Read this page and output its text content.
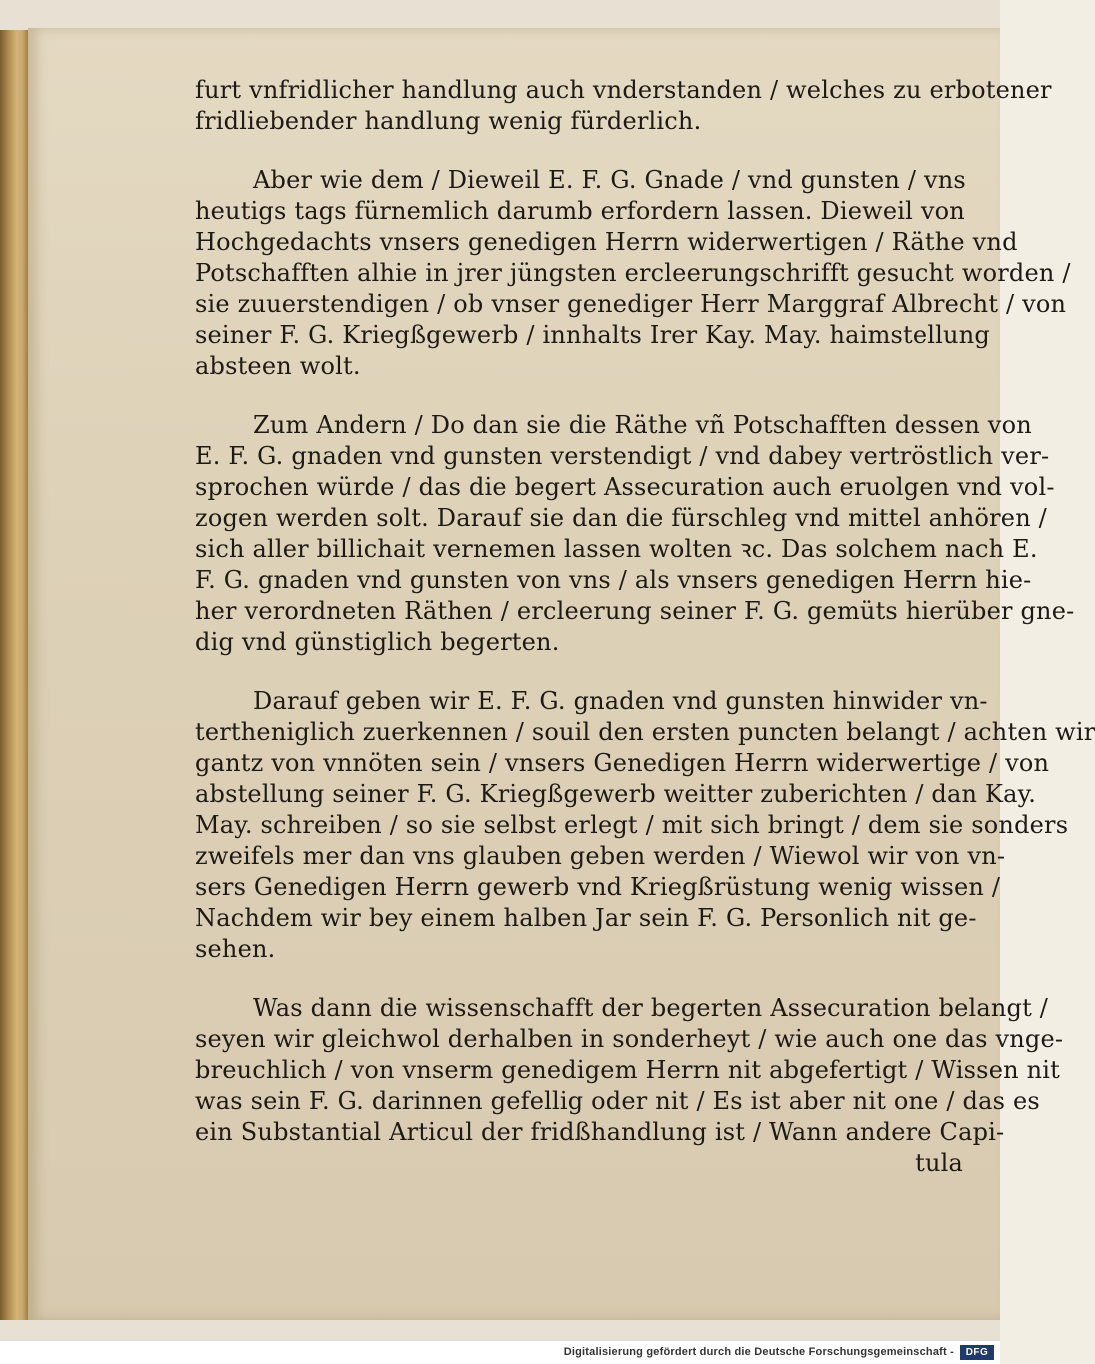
furt vnfridlicher handlung auch vnderstanden / welches zu erbotener
fridliebender handlung wenig fürderlich.
Aber wie dem / Dieweil E. F. G. Gnade / vnd gunsten / vns
heutigs tags fürnemlich darumb erfordern lassen. Dieweil von
Hochgedachts vnsers genedigen Herrn widerwertigen / Räthe vnd
Potschafften alhie in jrer jüngsten ercleerungschrifft gesucht worden /
sie zuuerstendigen / ob vnser genediger Herr Marggraf Albrecht / von
seiner F. G. Kriegßgewerb / innhalts Irer Kay. May. haimstellung
absteen wolt.
Zum Andern / Do dan sie die Räthe vñ Potschafften dessen von
E. F. G. gnaden vnd gunsten verstendigt / vnd dabey vertröstlich ver-
sprochen würde / das die begert Assecuration auch eruolgen vnd vol-
zogen werden solt. Darauf sie dan die fürschleg vnd mittel anhören /
sich aller billichait vernemen lassen wolten ꝛc. Das solchem nach E.
F. G. gnaden vnd gunsten von vns / als vnsers genedigen Herrn hie-
her verordneten Räthen / ercleerung seiner F. G. gemüts hierüber gne-
dig vnd günstiglich begerten.
Darauf geben wir E. F. G. gnaden vnd gunsten hinwider vn-
tertheniglich zuerkennen / souil den ersten puncten belangt / achten wir
gantz von vnnöten sein / vnsers Genedigen Herrn widerwertige / von
abstellung seiner F. G. Kriegßgewerb weitter zuberichten / dan Kay.
May. schreiben / so sie selbst erlegt / mit sich bringt / dem sie sonders
zweifels mer dan vns glauben geben werden / Wiewol wir von vn-
sers Genedigen Herrn gewerb vnd Kriegßrüstung wenig wissen /
Nachdem wir bey einem halben Jar sein F. G. Personlich nit ge-
sehen.
Was dann die wissenschafft der begerten Assecuration belangt /
seyen wir gleichwol derhalben in sonderheyt / wie auch one das vnge-
breuchlich / von vnserm genedigem Herrn nit abgefertigt / Wissen nit
was sein F. G. darinnen gefellig oder nit / Es ist aber nit one / das es
ein Substantial Articul der fridßhandlung ist / Wann andere Capi-
tula
Digitalisierung gefördert durch die Deutsche Forschungsgemeinschaft -	DFG
